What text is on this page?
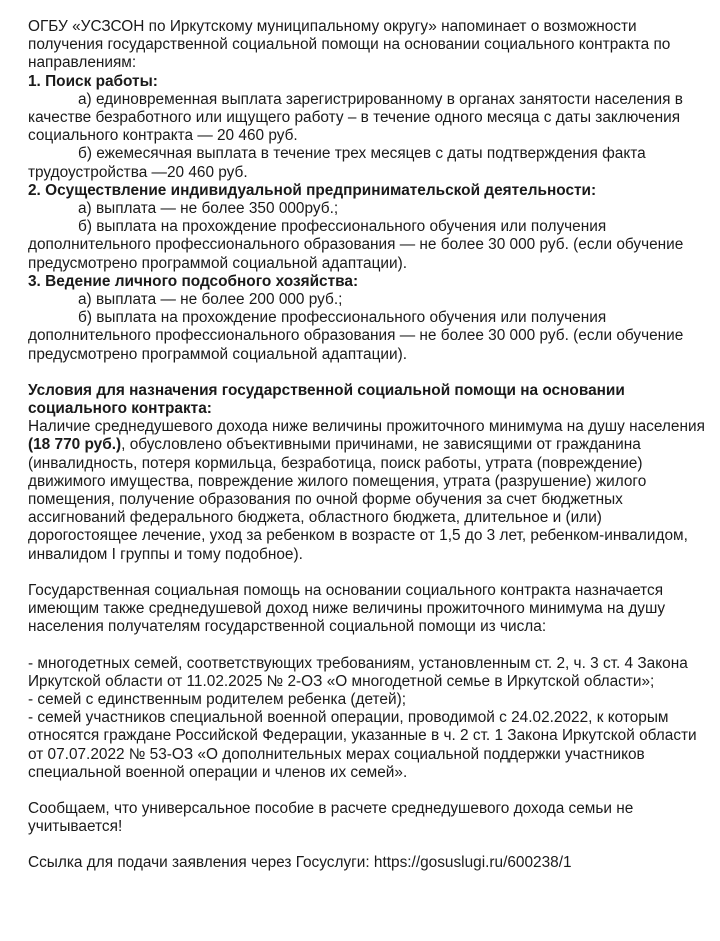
ОГБУ «УСЗСОН по Иркутскому муниципальному округу» напоминает о возможности получения государственной социальной помощи на основании социального контракта по направлениям:

1. Поиск работы:

а) единовременная выплата зарегистрированному в органах занятости населения в качестве безработного или ищущего работу – в течение одного месяца с даты заключения социального контракта — 20 460 руб.

б) ежемесячная выплата в течение трех месяцев с даты подтверждения факта трудоустройства —20 460 руб.

2. Осуществление индивидуальной предпринимательской деятельности:

а) выплата — не более 350 000руб.;

б) выплата на прохождение профессионального обучения или получения дополнительного профессионального образования — не более 30 000 руб. (если обучение предусмотрено программой социальной адаптации).

3. Ведение личного подсобного хозяйства:

а) выплата — не более 200 000 руб.;

б) выплата на прохождение профессионального обучения или получения дополнительного профессионального образования — не более 30 000 руб. (если обучение предусмотрено программой социальной адаптации).

Условия для назначения государственной социальной помощи на основании социального контракта:

Наличие среднедушевого дохода ниже величины прожиточного минимума на душу населения (18 770 руб.), обусловлено объективными причинами, не зависящими от гражданина (инвалидность, потеря кормильца, безработица, поиск работы, утрата (повреждение) движимого имущества, повреждение жилого помещения, утрата (разрушение) жилого помещения, получение образования по очной форме обучения за счет бюджетных ассигнований федерального бюджета, областного бюджета, длительное и (или) дорогостоящее лечение, уход за ребенком в возрасте от 1,5 до 3 лет, ребенком-инвалидом, инвалидом I группы и тому подобное).

Государственная социальная помощь на основании социального контракта назначается имеющим также среднедушевой доход ниже величины прожиточного минимума на душу населения получателям государственной социальной помощи из числа:

- многодетных семей, соответствующих требованиям, установленным ст. 2, ч. 3 ст. 4 Закона Иркутской области от 11.02.2025 № 2-ОЗ «О многодетной семье в Иркутской области»;

- семей с единственным родителем ребенка (детей);

- семей участников специальной военной операции, проводимой с 24.02.2022, к которым относятся граждане Российской Федерации, указанные в ч. 2 ст. 1 Закона Иркутской области от 07.07.2022 № 53-ОЗ «О дополнительных мерах социальной поддержки участников специальной военной операции и членов их семей».

Сообщаем, что универсальное пособие в расчете среднедушевого дохода семьи не учитывается!

Ссылка для подачи заявления через Госуслуги: https://gosuslugi.ru/600238/1
